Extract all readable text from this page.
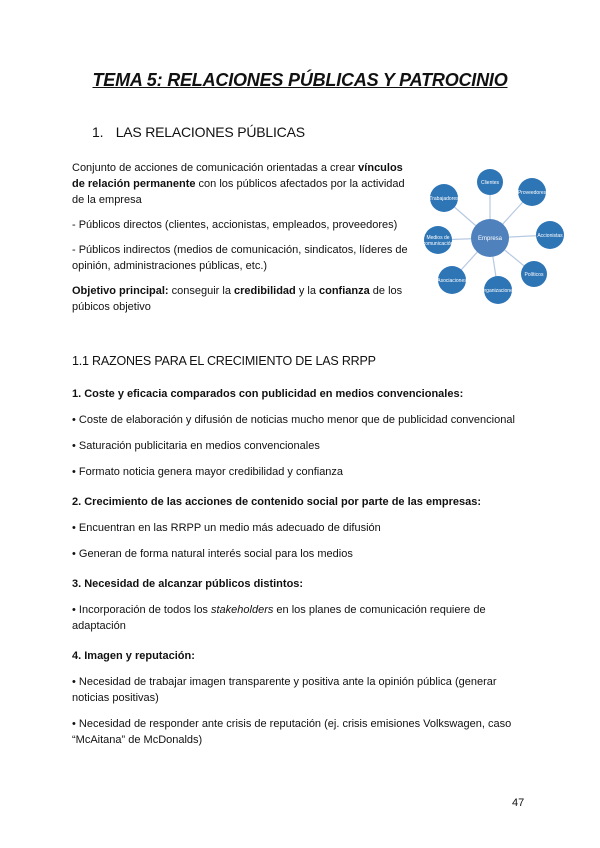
TEMA 5: RELACIONES PÚBLICAS Y PATROCINIO
1. LAS RELACIONES PÚBLICAS

Conjunto de acciones de comunicación orientadas a crear vínculos de relación permanente con los públicos afectados por la actividad de la empresa

- Públicos directos (clientes, accionistas, empleados, proveedores)

- Públicos indirectos (medios de comunicación, sindicatos, líderes de opinión, administraciones públicas, etc.)

Objetivo principal: conseguir la credibilidad y la confianza de los púbicos objetivo

Empresa
Clientes
Proveedores
Accionistas
Políticos
Organizaciones
Asociaciones
Medios de
comunicación
Trabajadores
1.1 RAZONES PARA EL CRECIMIENTO DE LAS RRPP
1. Coste y eficacia comparados con publicidad en medios convencionales:
• Coste de elaboración y difusión de noticias mucho menor que de publicidad convencional
• Saturación publicitaria en medios convencionales
• Formato noticia genera mayor credibilidad y confianza
2. Crecimiento de las acciones de contenido social por parte de las empresas:
• Encuentran en las RRPP un medio más adecuado de difusión
• Generan de forma natural interés social para los medios
3. Necesidad de alcanzar públicos distintos:
• Incorporación de todos los stakeholders en los planes de comunicación requiere de adaptación
4. Imagen y reputación:
• Necesidad de trabajar imagen transparente y positiva ante la opinión pública (generar noticias positivas)
• Necesidad de responder ante crisis de reputación (ej. crisis emisiones Volkswagen, caso “McAitana” de McDonalds)
47
